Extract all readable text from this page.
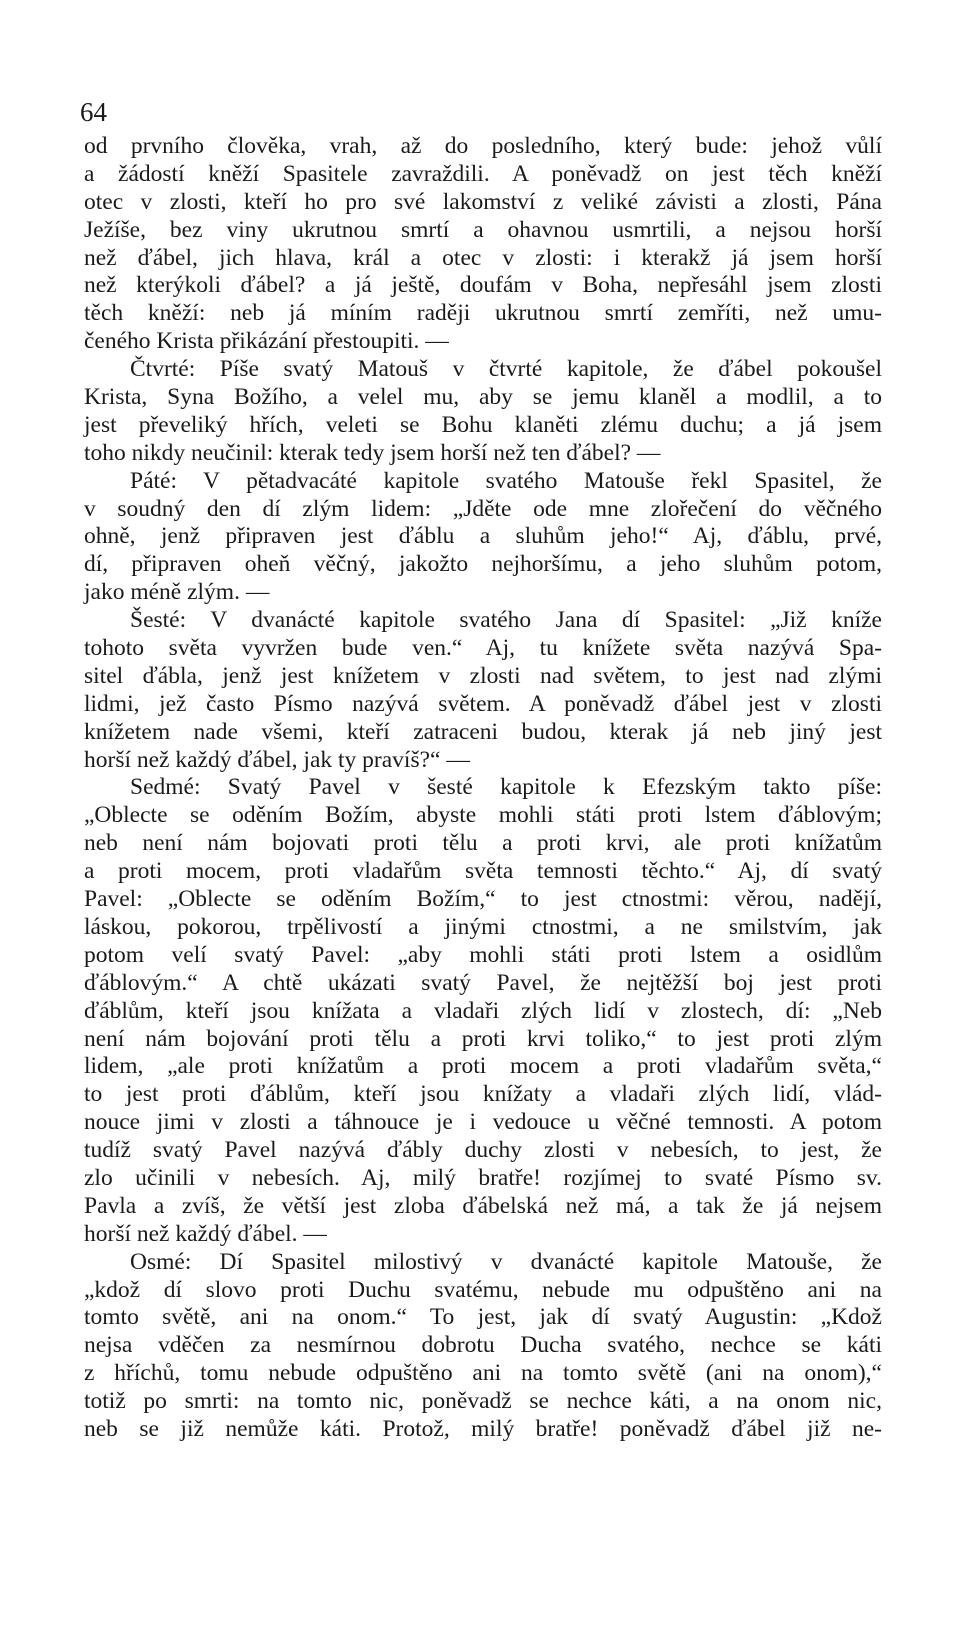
64
od prvního člověka, vrah, až do posledního, který bude: jehož vůlí
a žádostí kněží Spasitele zavraždili. A poněvadž on jest těch kněží
otec v zlosti, kteří ho pro své lakomství z veliké závisti a zlosti, Pána
Ježíše, bez viny ukrutnou smrtí a ohavnou usmrtili, a nejsou horší
než ďábel, jich hlava, král a otec v zlosti: i kterakž já jsem horší
než kterýkoli ďábel? a já ještě, doufám v Boha, nepřesáhl jsem zlosti
těch kněží: neb já míním raději ukrutnou smrtí zemříti, než umu-
čeného Krista přikázání přestoupiti. —
Čtvrté: Píše svatý Matouš v čtvrté kapitole, že ďábel pokoušel
Krista, Syna Božího, a velel mu, aby se jemu klaněl a modlil, a to
jest převeliký hřích, veleti se Bohu klaněti zlému duchu; a já jsem
toho nikdy neučinil: kterak tedy jsem horší než ten ďábel? —
Páté: V pětadvacáté kapitole svatého Matouše řekl Spasitel, že
v soudný den dí zlým lidem: „Jděte ode mne zlořečení do věčného
ohně, jenž připraven jest ďáblu a sluhům jeho!“ Aj, ďáblu, prvé,
dí, připraven oheň věčný, jakožto nejhoršímu, a jeho sluhům potom,
jako méně zlým. —
Šesté: V dvanácté kapitole svatého Jana dí Spasitel: „Již kníže
tohoto světa vyvržen bude ven.“ Aj, tu knížete světa nazývá Spa-
sitel ďábla, jenž jest knížetem v zlosti nad světem, to jest nad zlými
lidmi, jež často Písmo nazývá světem. A poněvadž ďábel jest v zlosti
knížetem nade všemi, kteří zatraceni budou, kterak já neb jiný jest
horší než každý ďábel, jak ty pravíš?“ —
Sedmé: Svatý Pavel v šesté kapitole k Efezským takto píše:
„Oblecte se oděním Božím, abyste mohli státi proti lstem ďáblovým;
neb není nám bojovati proti tělu a proti krvi, ale proti knížatům
a proti mocem, proti vladařům světa temnosti těchto.“ Aj, dí svatý
Pavel: „Oblecte se oděním Božím,“ to jest ctnostmi: věrou, nadějí,
láskou, pokorou, trpělivostí a jinými ctnostmi, a ne smilstvím, jak
potom velí svatý Pavel: „aby mohli státi proti lstem a osidlům
ďáblovým.“ A chtě ukázati svatý Pavel, že nejtěžší boj jest proti
ďáblům, kteří jsou knížata a vladaři zlých lidí v zlostech, dí: „Neb
není nám bojování proti tělu a proti krvi toliko,“ to jest proti zlým
lidem, „ale proti knížatům a proti mocem a proti vladařům světa,“
to jest proti ďáblům, kteří jsou knížaty a vladaři zlých lidí, vlád-
nouce jimi v zlosti a táhnouce je i vedouce u věčné temnosti. A potom
tudíž svatý Pavel nazývá ďábly duchy zlosti v nebesích, to jest, že
zlo učinili v nebesích. Aj, milý bratře! rozjímej to svaté Písmo sv.
Pavla a zvíš, že větší jest zloba ďábelská než má, a tak že já nejsem
horší než každý ďábel. —
Osmé: Dí Spasitel milostivý v dvanácté kapitole Matouše, že
„kdož dí slovo proti Duchu svatému, nebude mu odpuštěno ani na
tomto světě, ani na onom.“ To jest, jak dí svatý Augustin: „Kdož
nejsa vděčen za nesmírnou dobrotu Ducha svatého, nechce se káti
z hříchů, tomu nebude odpuštěno ani na tomto světě (ani na onom),“
totiž po smrti: na tomto nic, poněvadž se nechce káti, a na onom nic,
neb se již nemůže káti. Protož, milý bratře! poněvadž ďábel již ne-
